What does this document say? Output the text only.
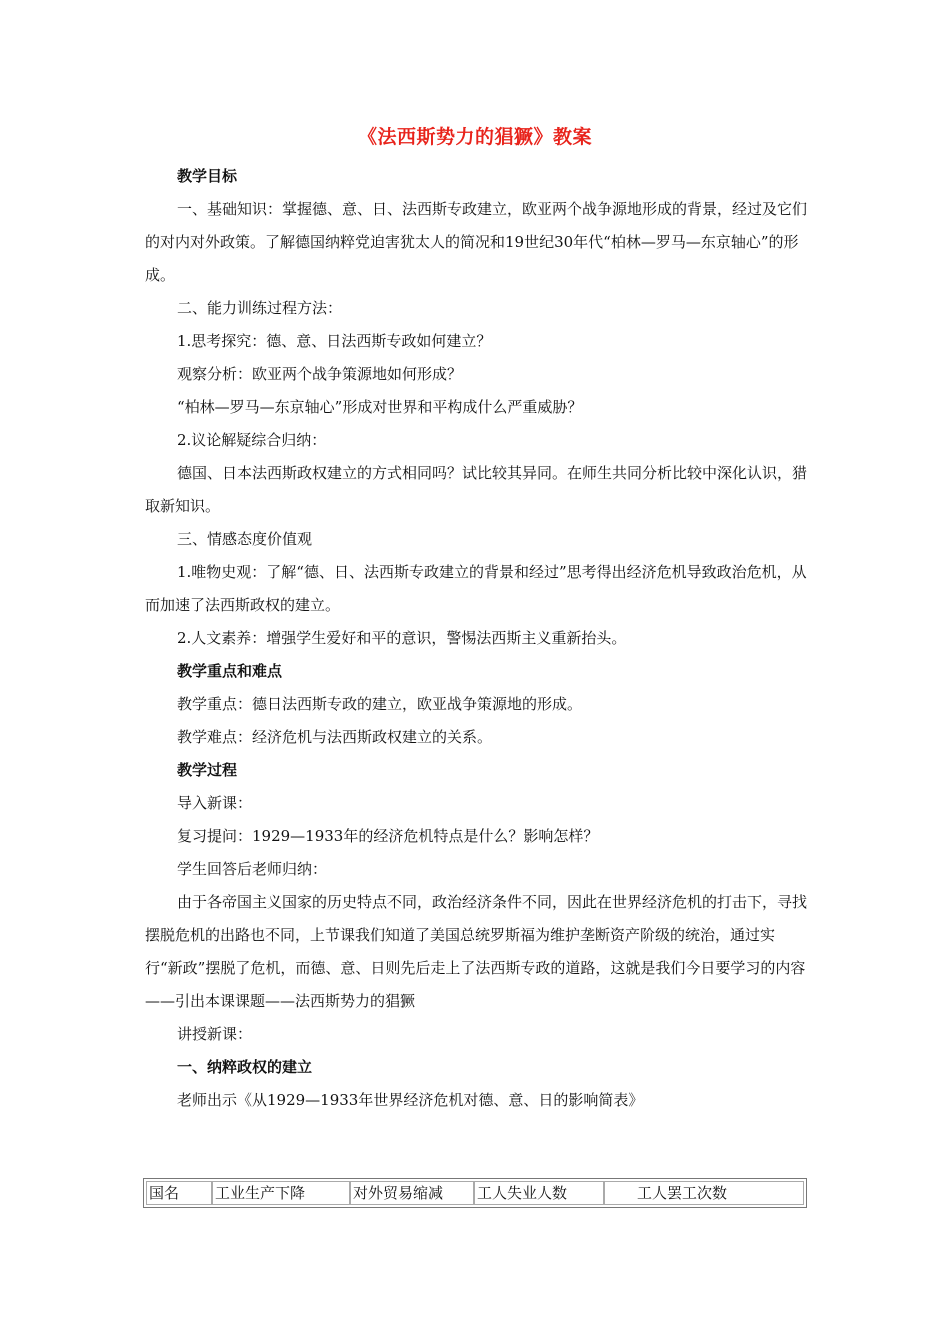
《法西斯势力的猖獗》教案

教学目标

一、基础知识：掌握德、意、日、法西斯专政建立，欧亚两个战争源地形成的背景，经过及它们的对内对外政策。了解德国纳粹党迫害犹太人的简况和19世纪30年代“柏林—罗马—东京轴心”的形成。

二、能力训练过程方法：

1.思考探究：德、意、日法西斯专政如何建立？

观察分析：欧亚两个战争策源地如何形成？

“柏林—罗马—东京轴心”形成对世界和平构成什么严重威胁？

2.议论解疑综合归纳：

德国、日本法西斯政权建立的方式相同吗？试比较其异同。在师生共同分析比较中深化认识，猎取新知识。

三、情感态度价值观

1.唯物史观：了解“德、日、法西斯专政建立的背景和经过”思考得出经济危机导致政治危机，从而加速了法西斯政权的建立。

2.人文素养：增强学生爱好和平的意识，警惕法西斯主义重新抬头。

教学重点和难点

教学重点：德日法西斯专政的建立，欧亚战争策源地的形成。

教学难点：经济危机与法西斯政权建立的关系。

教学过程

导入新课：

复习提问：1929—1933年的经济危机特点是什么？影响怎样？

学生回答后老师归纳：

由于各帝国主义国家的历史特点不同，政治经济条件不同，因此在世界经济危机的打击下，寻找摆脱危机的出路也不同，上节课我们知道了美国总统罗斯福为维护垄断资产阶级的统治，通过实行“新政”摆脱了危机，而德、意、日则先后走上了法西斯专政的道路，这就是我们今日要学习的内容——引出本课课题——法西斯势力的猖獗

讲授新课：

一、纳粹政权的建立

老师出示《从1929—1933年世界经济危机对德、意、日的影响简表》

国名	工业生产下降	对外贸易缩减	工人失业人数	工人罢工次数
